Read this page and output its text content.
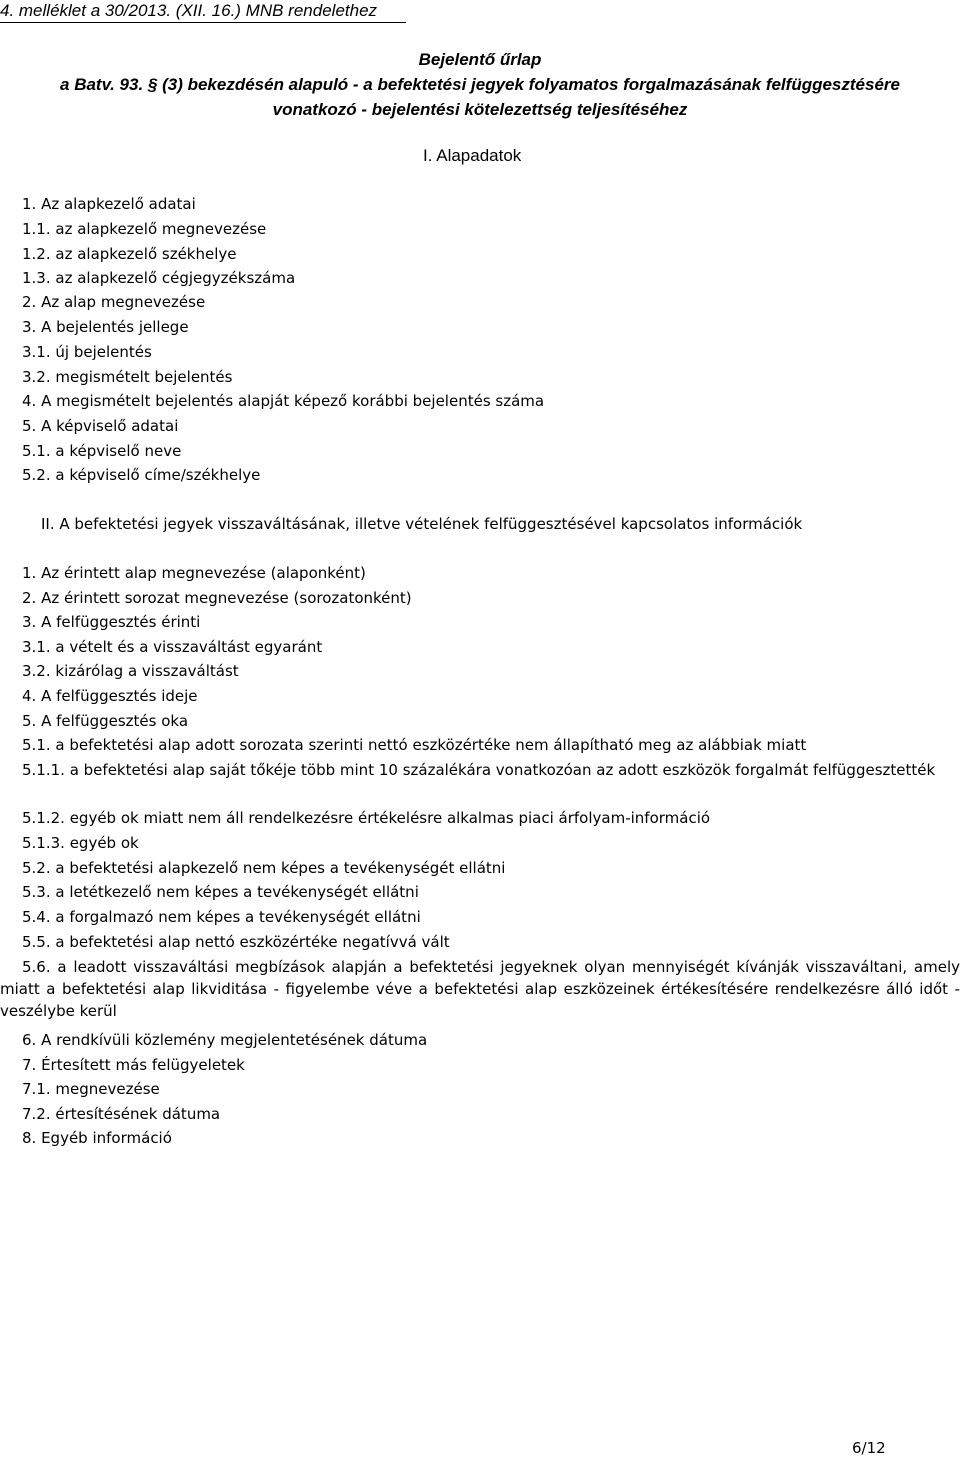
4. melléklet a 30/2013. (XII. 16.) MNB rendelethez
Bejelentő űrlap
a Batv. 93. § (3) bekezdésén alapuló - a befektetési jegyek folyamatos forgalmazásának felfüggesztésére
vonatkozó - bejelentési kötelezettség teljesítéséhez
I. Alapadatok
1. Az alapkezelő adatai
1.1. az alapkezelő megnevezése
1.2. az alapkezelő székhelye
1.3. az alapkezelő cégjegyzékszáma
2. Az alap megnevezése
3. A bejelentés jellege
3.1. új bejelentés
3.2. megismételt bejelentés
4. A megismételt bejelentés alapját képező korábbi bejelentés száma
5. A képviselő adatai
5.1. a képviselő neve
5.2. a képviselő címe/székhelye
II. A befektetési jegyek visszaváltásának, illetve vételének felfüggesztésével kapcsolatos információk
1. Az érintett alap megnevezése (alaponként)
2. Az érintett sorozat megnevezése (sorozatonként)
3. A felfüggesztés érinti
3.1. a vételt és a visszaváltást egyaránt
3.2. kizárólag a visszaváltást
4. A felfüggesztés ideje
5. A felfüggesztés oka
5.1. a befektetési alap adott sorozata szerinti nettó eszközértéke nem állapítható meg az alábbiak miatt
5.1.1. a befektetési alap saját tőkéje több mint 10 százalékára vonatkozóan az adott eszközök forgalmát felfüggesztették
5.1.2. egyéb ok miatt nem áll rendelkezésre értékelésre alkalmas piaci árfolyam-információ
5.1.3. egyéb ok
5.2. a befektetési alapkezelő nem képes a tevékenységét ellátni
5.3. a letétkezelő nem képes a tevékenységét ellátni
5.4. a forgalmazó nem képes a tevékenységét ellátni
5.5. a befektetési alap nettó eszközértéke negatívvá vált
5.6. a leadott visszaváltási megbízások alapján a befektetési jegyeknek olyan mennyiségét kívánják visszaváltani, amely miatt a befektetési alap likviditása - figyelembe véve a befektetési alap eszközeinek értékesítésére rendelkezésre álló időt - veszélybe kerül
6. A rendkívüli közlemény megjelentetésének dátuma
7. Értesített más felügyeletek
7.1. megnevezése
7.2. értesítésének dátuma
8. Egyéb információ
6/12
